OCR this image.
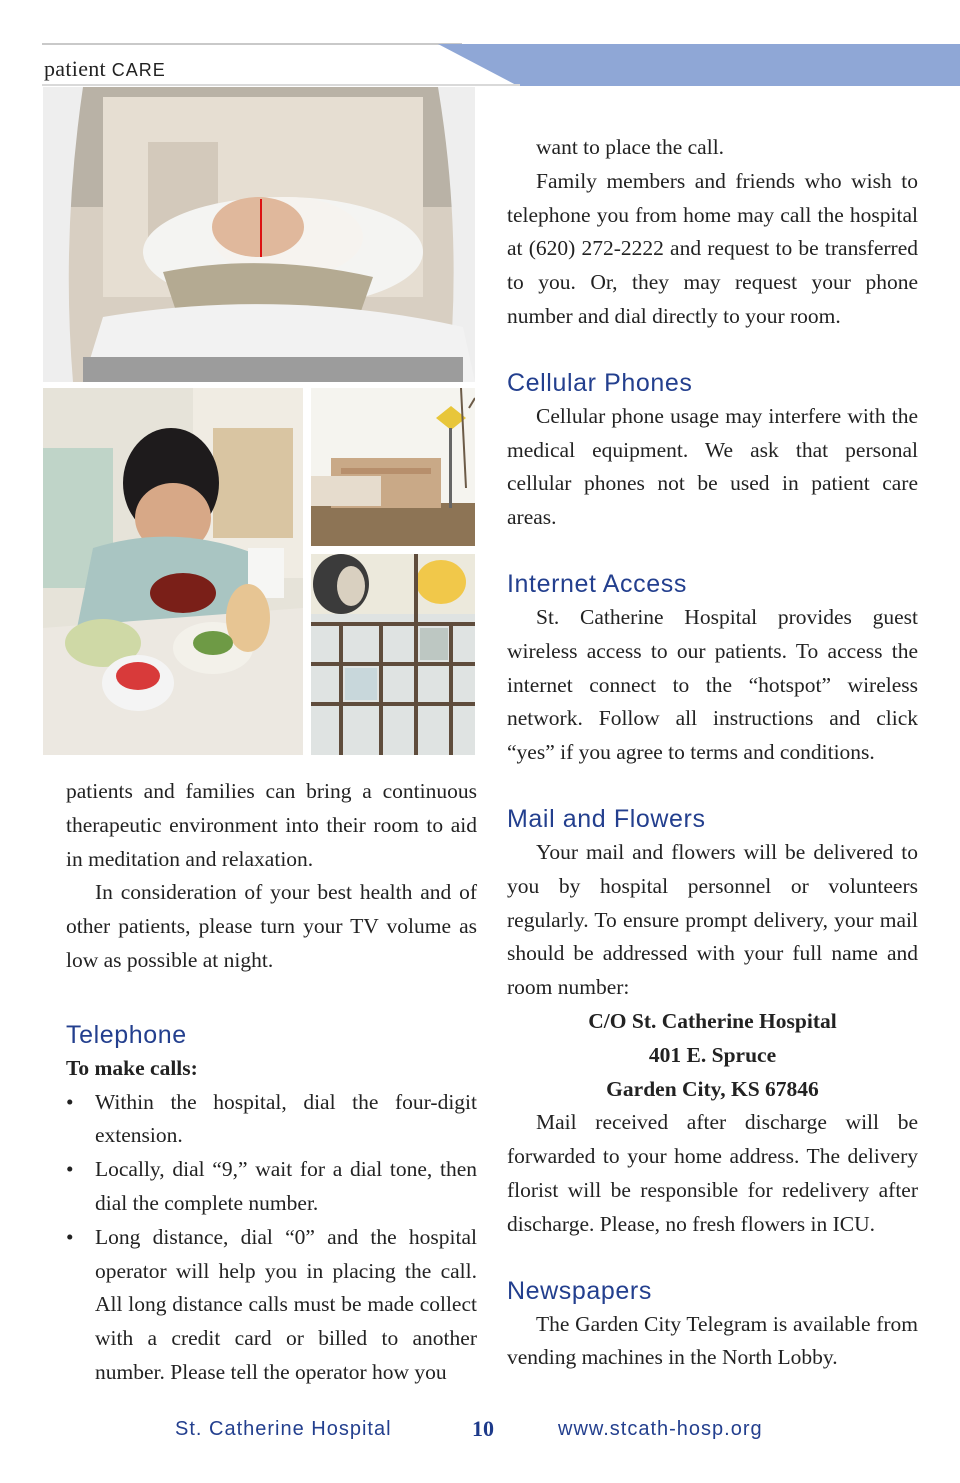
patient CARE

patients and families can bring a continuous therapeutic environment into their room to aid in meditation and relaxation.

In consideration of your best health and of other patients, please turn your TV volume as low as possible at night.

Telephone
To make calls:
• Within the hospital, dial the four-digit extension.
• Locally, dial “9,” wait for a dial tone, then dial the complete number.
• Long distance, dial “0” and the hospital operator will help you in placing the call. All long distance calls must be made collect with a credit card or billed to another number. Please tell the operator how you

want to place the call.

Family members and friends who wish to telephone you from home may call the hospital at (620) 272-2222 and request to be transferred to you. Or, they may request your phone number and dial directly to your room.

Cellular Phones

Cellular phone usage may interfere with the medical equipment. We ask that personal cellular phones not be used in patient care areas.

Internet Access

St. Catherine Hospital provides guest wireless access to our patients. To access the internet connect to the “hotspot” wireless network. Follow all instructions and click “yes” if you agree to terms and conditions.

Mail and Flowers

Your mail and flowers will be delivered to you by hospital personnel or volunteers regularly. To ensure prompt delivery, your mail should be addressed with your full name and room number:

C/O St. Catherine Hospital
401 E. Spruce
Garden City, KS 67846

Mail received after discharge will be forwarded to your home address. The delivery florist will be responsible for redelivery after discharge. Please, no fresh flowers in ICU.

Newspapers

The Garden City Telegram is available from vending machines in the North Lobby.

St. Catherine Hospital	10	www.stcath-hosp.org
